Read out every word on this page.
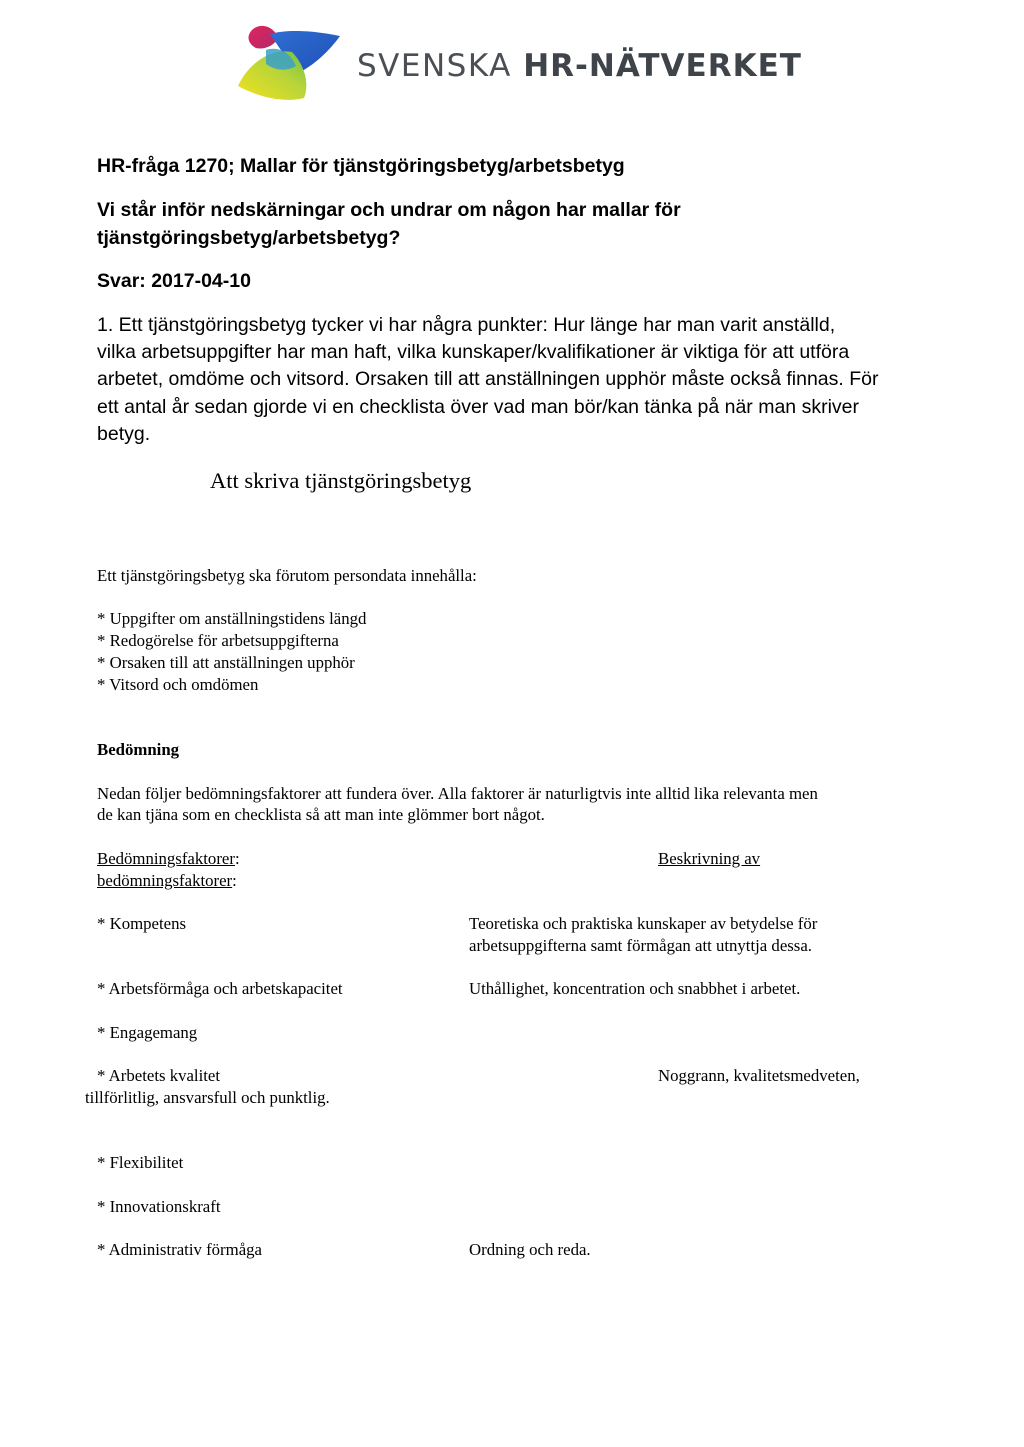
SVENSKA HR-NÄTVERKET
HR-fråga 1270; Mallar för tjänstgöringsbetyg/arbetsbetyg
Vi står inför nedskärningar och undrar om någon har mallar för
tjänstgöringsbetyg/arbetsbetyg?
Svar: 2017-04-10
1. Ett tjänstgöringsbetyg tycker vi har några punkter: Hur länge har man varit anställd,
vilka arbetsuppgifter har man haft, vilka kunskaper/kvalifikationer är viktiga för att utföra
arbetet, omdöme och vitsord. Orsaken till att anställningen upphör måste också finnas. För
ett antal år sedan gjorde vi en checklista över vad man bör/kan tänka på när man skriver
betyg.
Att skriva tjänstgöringsbetyg
Ett tjänstgöringsbetyg ska förutom persondata innehålla:
* Uppgifter om anställningstidens längd
* Redogörelse för arbetsuppgifterna
* Orsaken till att anställningen upphör
* Vitsord och omdömen
Bedömning
Nedan följer bedömningsfaktorer att fundera över. Alla faktorer är naturligtvis inte alltid lika relevanta men
de kan tjäna som en checklista så att man inte glömmer bort något.
Bedömningsfaktorer:	Beskrivning av
bedömningsfaktorer:
* Kompetens	Teoretiska och praktiska kunskaper av betydelse för
arbetsuppgifterna samt förmågan att utnyttja dessa.
* Arbetsförmåga och arbetskapacitet	Uthållighet, koncentration och snabbhet i arbetet.
* Engagemang
* Arbetets kvalitet	Noggrann, kvalitetsmedveten,
tillförlitlig, ansvarsfull och punktlig.
* Flexibilitet
* Innovationskraft
* Administrativ förmåga	Ordning och reda.
